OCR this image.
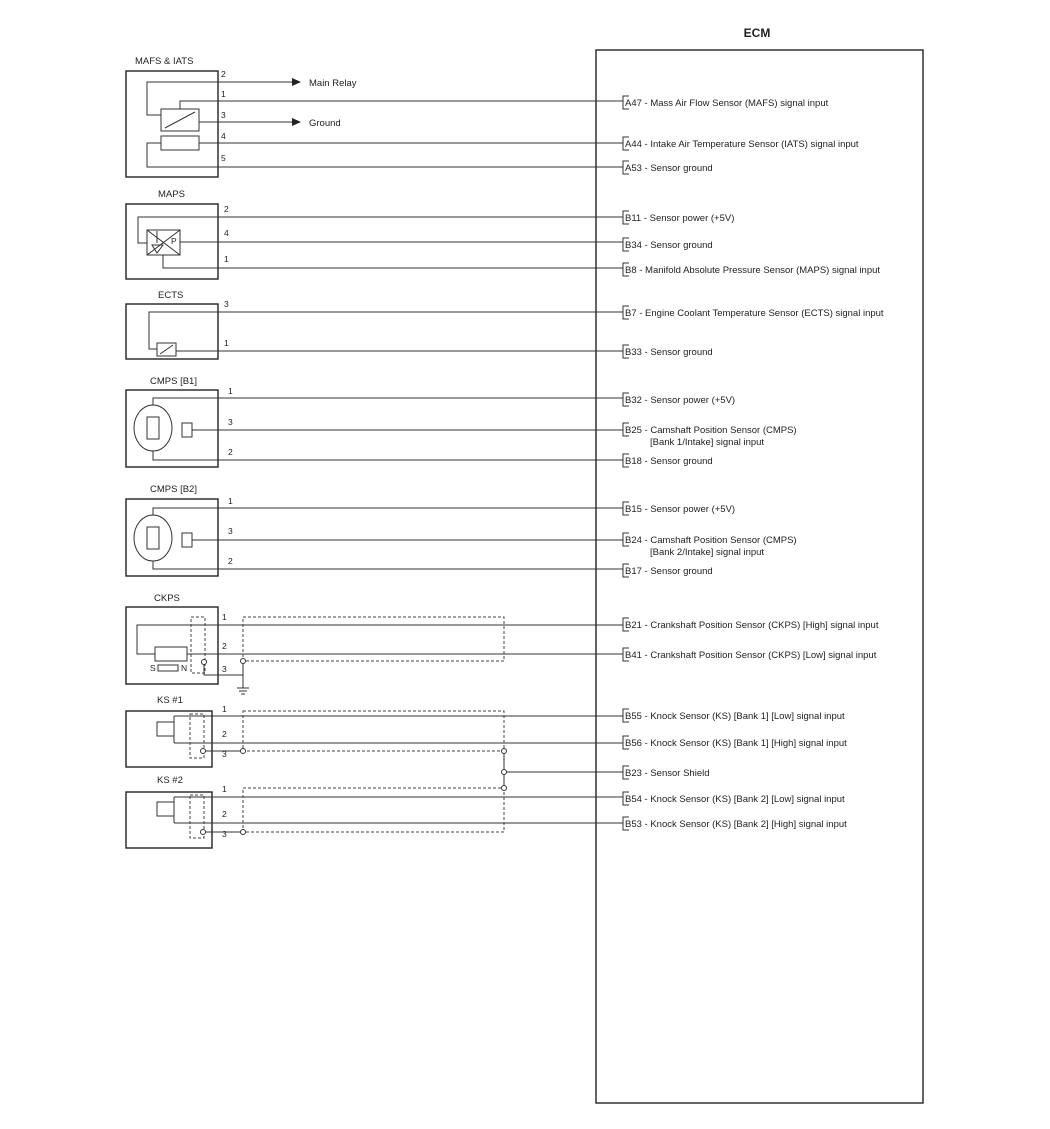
ECM
A47 - Mass Air Flow Sensor (MAFS) signal input
A44 - Intake Air Temperature Sensor (IATS) signal input
A53 - Sensor ground
B11 - Sensor power (+5V)
B34 - Sensor ground
B8 - Manifold Absolute Pressure Sensor (MAPS) signal input
B7 - Engine Coolant Temperature Sensor (ECTS) signal input
B33 - Sensor ground
B32 - Sensor power (+5V)
B25 - Camshaft Position Sensor (CMPS)
[Bank 1/Intake] signal input
B18 - Sensor ground
B15 - Sensor power (+5V)
B24 - Camshaft Position Sensor (CMPS)
[Bank 2/Intake] signal input
B17 - Sensor ground
B21 - Crankshaft Position Sensor (CKPS) [High] signal input
B41 - Crankshaft Position Sensor (CKPS) [Low] signal input
B55 - Knock Sensor (KS) [Bank 1] [Low] signal input
B56 - Knock Sensor (KS) [Bank 1] [High] signal input
B23 - Sensor Shield
B54 - Knock Sensor (KS) [Bank 2] [Low] signal input
B53 - Knock Sensor (KS) [Bank 2] [High] signal input
MAFS & IATS
2
1
3
4
5
Main Relay
Ground
MAPS
P
2
4
1
ECTS
3
1
CMPS [B1]
1
3
2
CMPS [B2]
1
3
2
CKPS
S	N
1
2
3
KS #1
1
2
3
KS #2
1
2
3
